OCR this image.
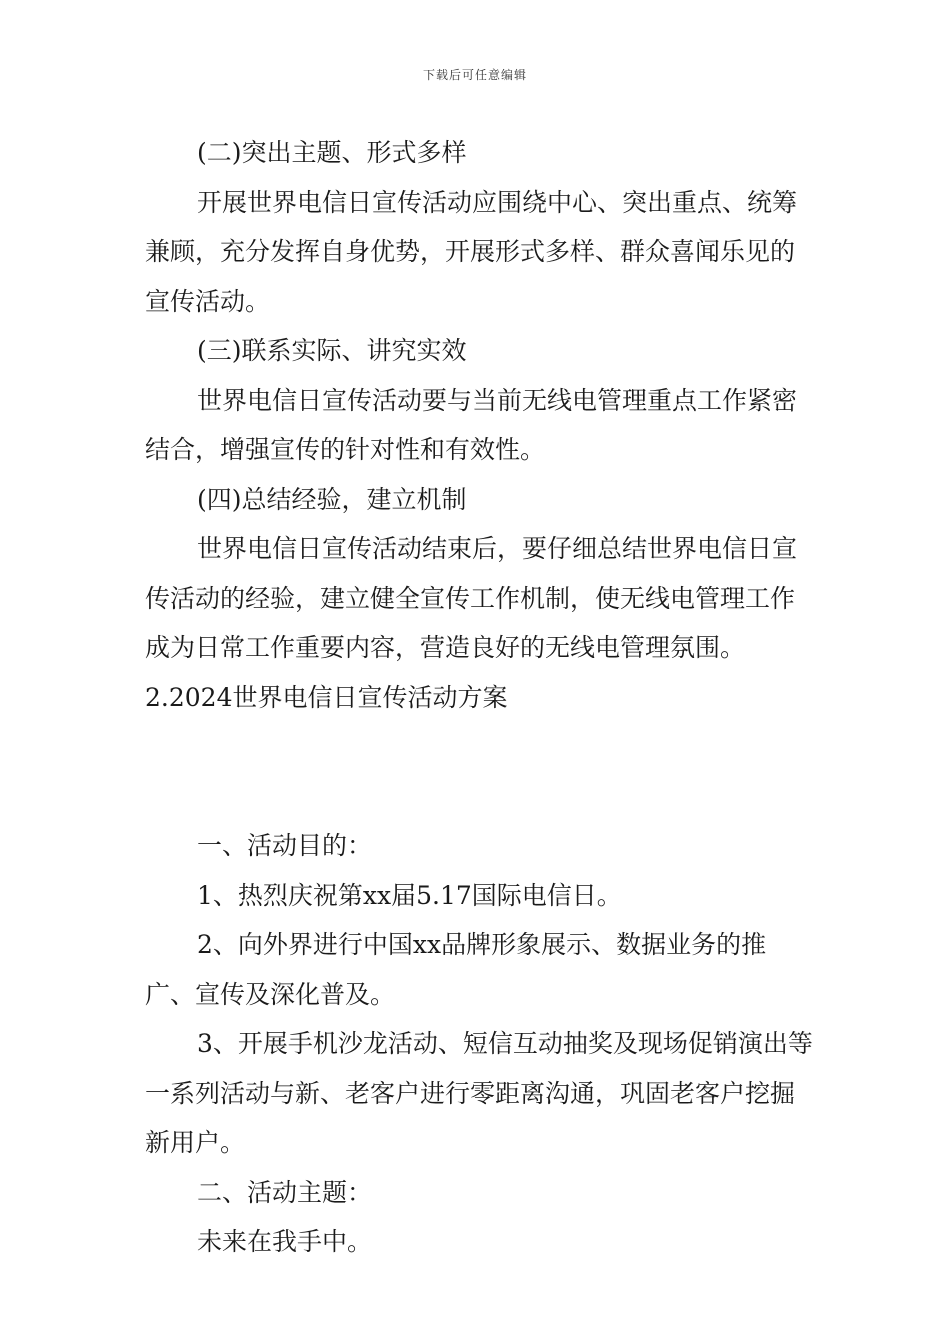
下载后可任意编辑

(二)突出主题、形式多样

开展世界电信日宣传活动应围绕中心、突出重点、统筹兼顾，充分发挥自身优势，开展形式多样、群众喜闻乐见的宣传活动。

(三)联系实际、讲究实效

世界电信日宣传活动要与当前无线电管理重点工作紧密结合，增强宣传的针对性和有效性。

(四)总结经验，建立机制

世界电信日宣传活动结束后，要仔细总结世界电信日宣传活动的经验，建立健全宣传工作机制，使无线电管理工作成为日常工作重要内容，营造良好的无线电管理氛围。

2.2024世界电信日宣传活动方案

一、活动目的：

1、热烈庆祝第xx届5.17国际电信日。

2、向外界进行中国xx品牌形象展示、数据业务的推广、宣传及深化普及。

3、开展手机沙龙活动、短信互动抽奖及现场促销演出等一系列活动与新、老客户进行零距离沟通，巩固老客户挖掘新用户。

二、活动主题：

未来在我手中。
